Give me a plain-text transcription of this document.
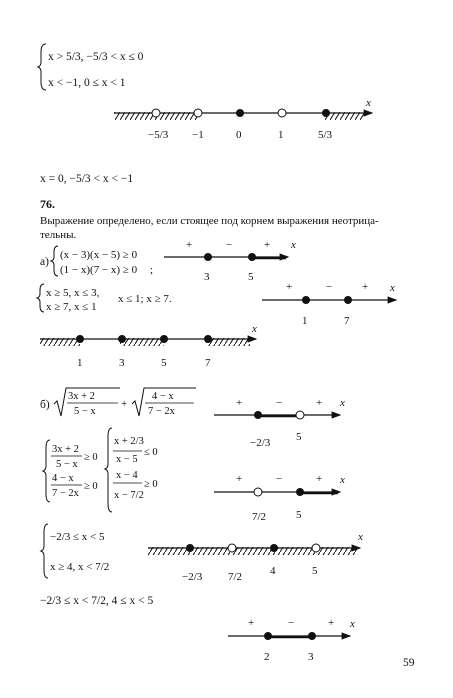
x > 5/3, −5/3 < x ≤ 0
x < −1, 0 ≤ x < 1
x
−5/3 −1	0	1	5/3
x = 0, −5/3 < x < −1
76.
Выражение определено, если стоящее под корнем выражения неотрица-
тельны.
а)
(x − 3)(x − 5) ≥ 0
(1 − x)(7 − x) ≥ 0 ;
x
+	−	+
3	5
x ≥ 5, x ≤ 3,
x ≥ 7, x ≤ 1
x ≤ 1; x ≥ 7.
x
+	−	+
1	7
x
1	3	5	7
б)
3x + 2
5 − x
+
4 − x
7 − 2x
x
+	−	+
−2/3 5
3x + 2
5 − x
≥ 0
4 − x
7 − 2x
≥ 0
x + 2/3
x − 5
≤ 0
x − 4
x − 7/2
≥ 0	x
+	−	+
7/2	5
−2/3 ≤ x < 5
x ≥ 4, x < 7/2
x
−2/3 7/2	4	5
−2/3 ≤ x < 7/2, 4 ≤ x < 5
x
+	−	+
2	3	59
